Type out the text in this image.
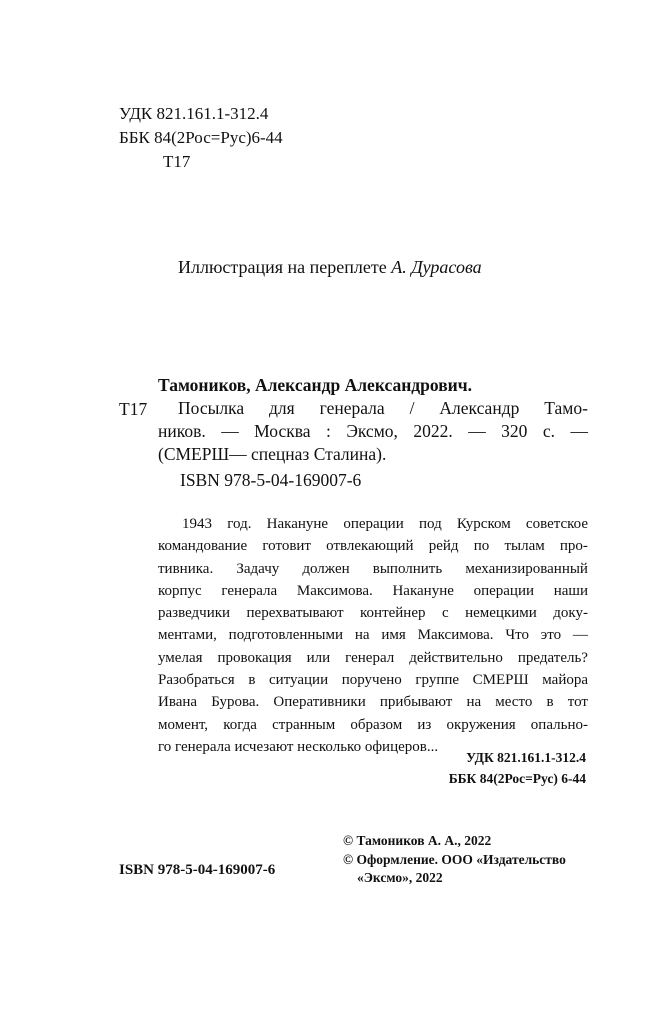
УДК 821.161.1-312.4
ББК 84(2Рос=Рус)6-44
Т17
Иллюстрация на переплете А. Дурасова
Тамоников, Александр Александрович.
Т17 Посылка для генерала / Александр Тамо-
ников. — Москва : Эксмо, 2022. — 320 с. —
(СМЕРШ — спецназ Сталина).
ISBN 978-5-04-169007-6
1943 год. Накануне операции под Курском советское
командование готовит отвлекающий рейд по тылам про-
тивника. Задачу должен выполнить механизированный
корпус генерала Максимова. Накануне операции наши
разведчики перехватывают контейнер с немецкими доку-
ментами, подготовленными на имя Максимова. Что это —
умелая провокация или генерал действительно предатель?
Разобраться в ситуации поручено группе СМЕРШ майора
Ивана Бурова. Оперативники прибывают на место в тот
момент, когда странным образом из окружения опально-
го генерала исчезают несколько офицеров...
УДК 821.161.1-312.4
ББК 84(2Рос=Рус) 6-44
© Тамоников А. А., 2022
© Оформление. ООО «Издательство
«Эксмо», 2022
ISBN 978-5-04-169007-6
